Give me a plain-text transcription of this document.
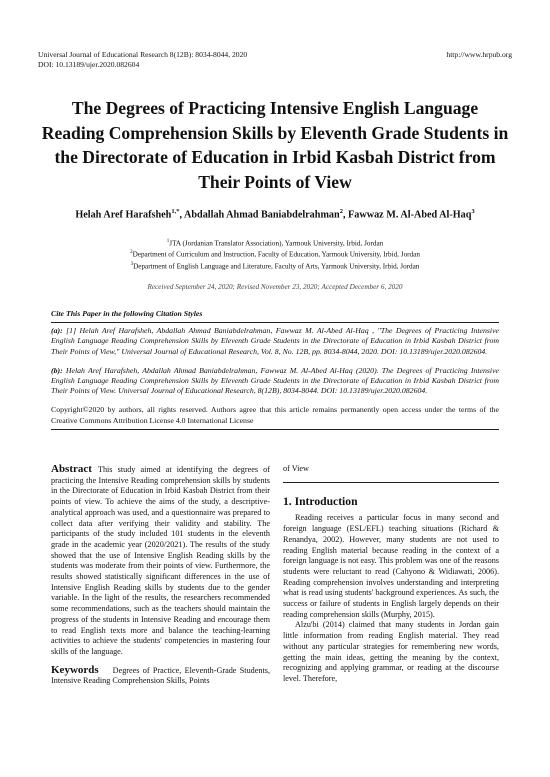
Universal Journal of Educational Research 8(12B): 8034-8044, 2020	http://www.hrpub.org
DOI: 10.13189/ujer.2020.082604
The Degrees of Practicing Intensive English Language Reading Comprehension Skills by Eleventh Grade Students in the Directorate of Education in Irbid Kasbah District from Their Points of View
Helah Aref Harafsheh$^{1,*}$, Abdallah Ahmad Baniabdelrahman$^2$, Fawwaz M. Al-Abed Al-Haq$^3$
$^1$JTA (Jordanian Translator Association), Yarmouk University, Irbid, Jordan
$^2$Department of Curriculum and Instruction, Faculty of Education, Yarmouk University, Irbid, Jordan
$^3$Department of English Language and Literature, Faculty of Arts, Yarmouk University, Irbid, Jordan
Received September 24, 2020; Revised November 23, 2020; Accepted December 6, 2020
Cite This Paper in the following Citation Styles

(a): [1] Helah Aref Harafsheh, Abdallah Ahmad Baniabdelrahman, Fawwaz M. Al-Abed Al-Haq , "The Degrees of Practicing Intensive English Language Reading Comprehension Skills by Eleventh Grade Students in the Directorate of Education in Irbid Kasbah District from Their Points of View," Universal Journal of Educational Research, Vol. 8, No. 12B, pp. 8034-8044, 2020. DOI: 10.13189/ujer.2020.082604.

(b): Helah Aref Harafsheh, Abdallah Ahmad Baniabdelrahman, Fawwaz M. Al-Abed Al-Haq (2020). The Degrees of Practicing Intensive English Language Reading Comprehension Skills by Eleventh Grade Students in the Directorate of Education in Irbid Kasbah District from Their Points of View. Universal Journal of Educational Research, 8(12B), 8034-8044. DOI: 10.13189/ujer.2020.082604.

Copyright©2020 by authors, all rights reserved. Authors agree that this article remains permanently open access under the terms of the Creative Commons Attribution License 4.0 International License
Abstract This study aimed at identifying the degrees of practicing the Intensive Reading comprehension skills by students in the Directorate of Education in Irbid Kasbah District from their points of view. To achieve the aims of the study, a descriptive-analytical approach was used, and a questionnaire was prepared to collect data after verifying their validity and stability. The participants of the study included 101 students in the eleventh grade in the academic year (2020/2021). The results of the study showed that the use of Intensive English Reading skills by the students was moderate from their points of view. Furthermore, the results showed statistically significant differences in the use of Intensive English Reading skills by students due to the gender variable. In the light of the results, the researchers recommended some recommendations, such as the teachers should maintain the progress of the students in Intensive Reading and encourage them to read English texts more and balance the teaching-learning activities to achieve the students' competencies in mastering four skills of the language.
Keywords Degrees of Practice, Eleventh-Grade Students, Intensive Reading Comprehension Skills, Points
of View
1. Introduction

Reading receives a particular focus in many second and foreign language (ESL/EFL) teaching situations (Richard & Renandya, 2002). However, many students are not used to reading English material because reading in the context of a foreign language is not easy. This problem was one of the reasons students were reluctant to read (Cahyono & Widiawati, 2006). Reading comprehension involves understanding and interpreting what is read using students' background experiences. As such, the success or failure of students in English largely depends on their reading comprehension skills (Murphy, 2015).

Alzu'bi (2014) claimed that many students in Jordan gain little information from reading English material. They read without any particular strategies for remembering new words, getting the main ideas, getting the meaning by the context, recognizing and applying grammar, or reading at the discourse level. Therefore,
